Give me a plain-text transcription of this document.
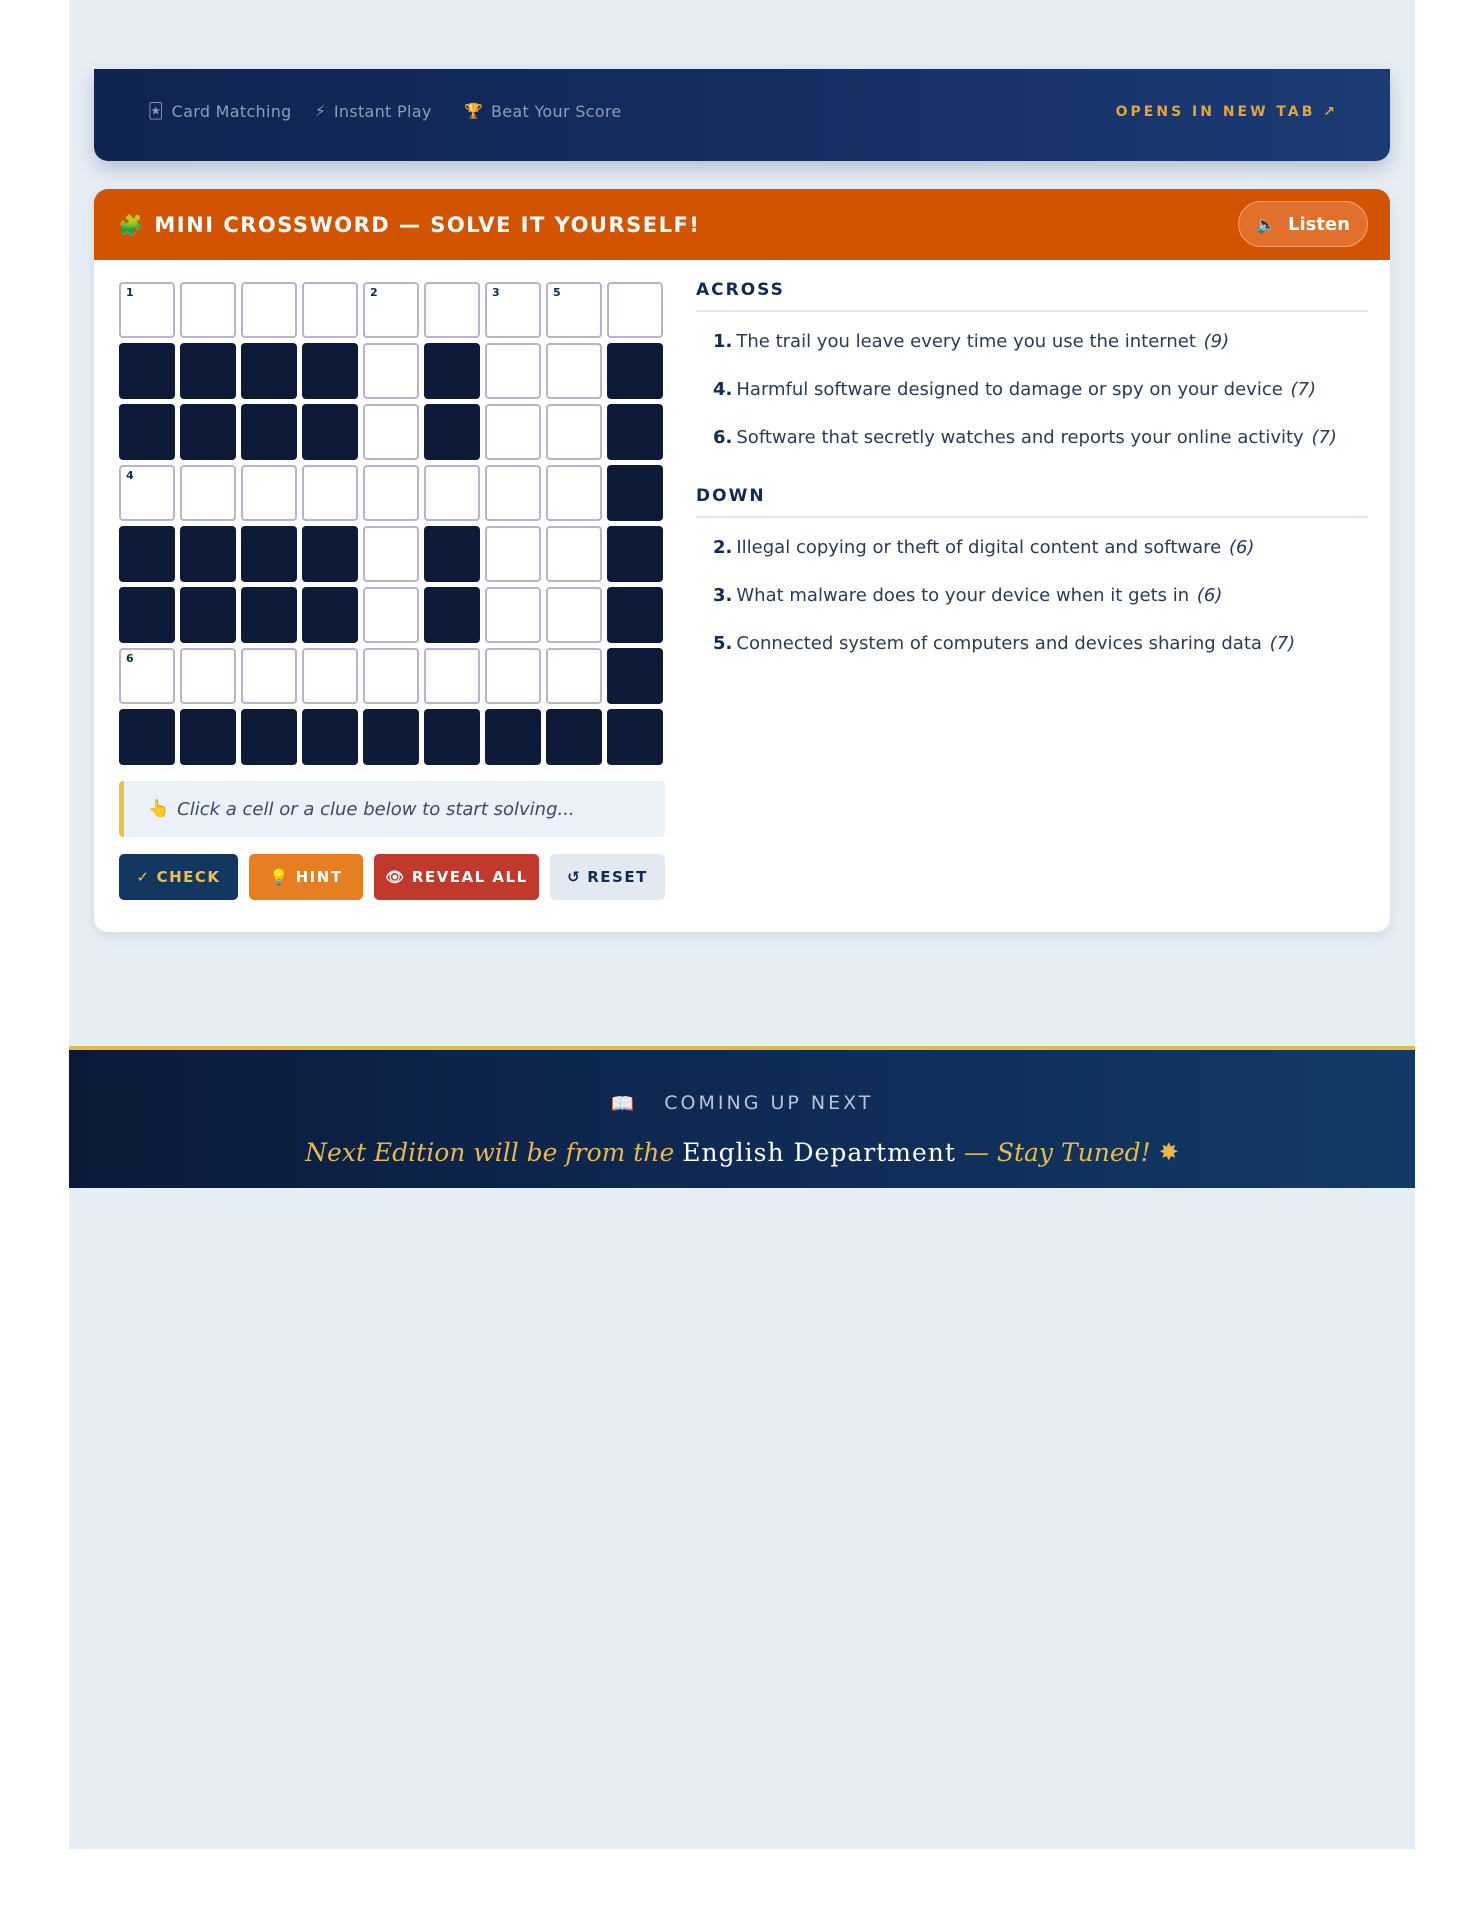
🃏 Card Matching ⚡ Instant Play 🏆 Beat Your Score	OPENS IN NEW TAB ↗
🧩 MINI CROSSWORD — SOLVE IT YOURSELF!	🔈 Listen
1	2	3	5
4
6
👆 Click a cell or a clue below to start solving...
✓ CHECK	💡 HINT	👁 REVEAL ALL	↺ RESET
ACROSS
1. The trail you leave every time you use the internet (9)
4. Harmful software designed to damage or spy on your device (7)
6. Software that secretly watches and reports your online activity (7)
DOWN
2. Illegal copying or theft of digital content and software (6)
3. What malware does to your device when it gets in (6)
5. Connected system of computers and devices sharing data (7)
📖 COMING UP NEXT
Next Edition will be from the English Department — Stay Tuned! ✸
